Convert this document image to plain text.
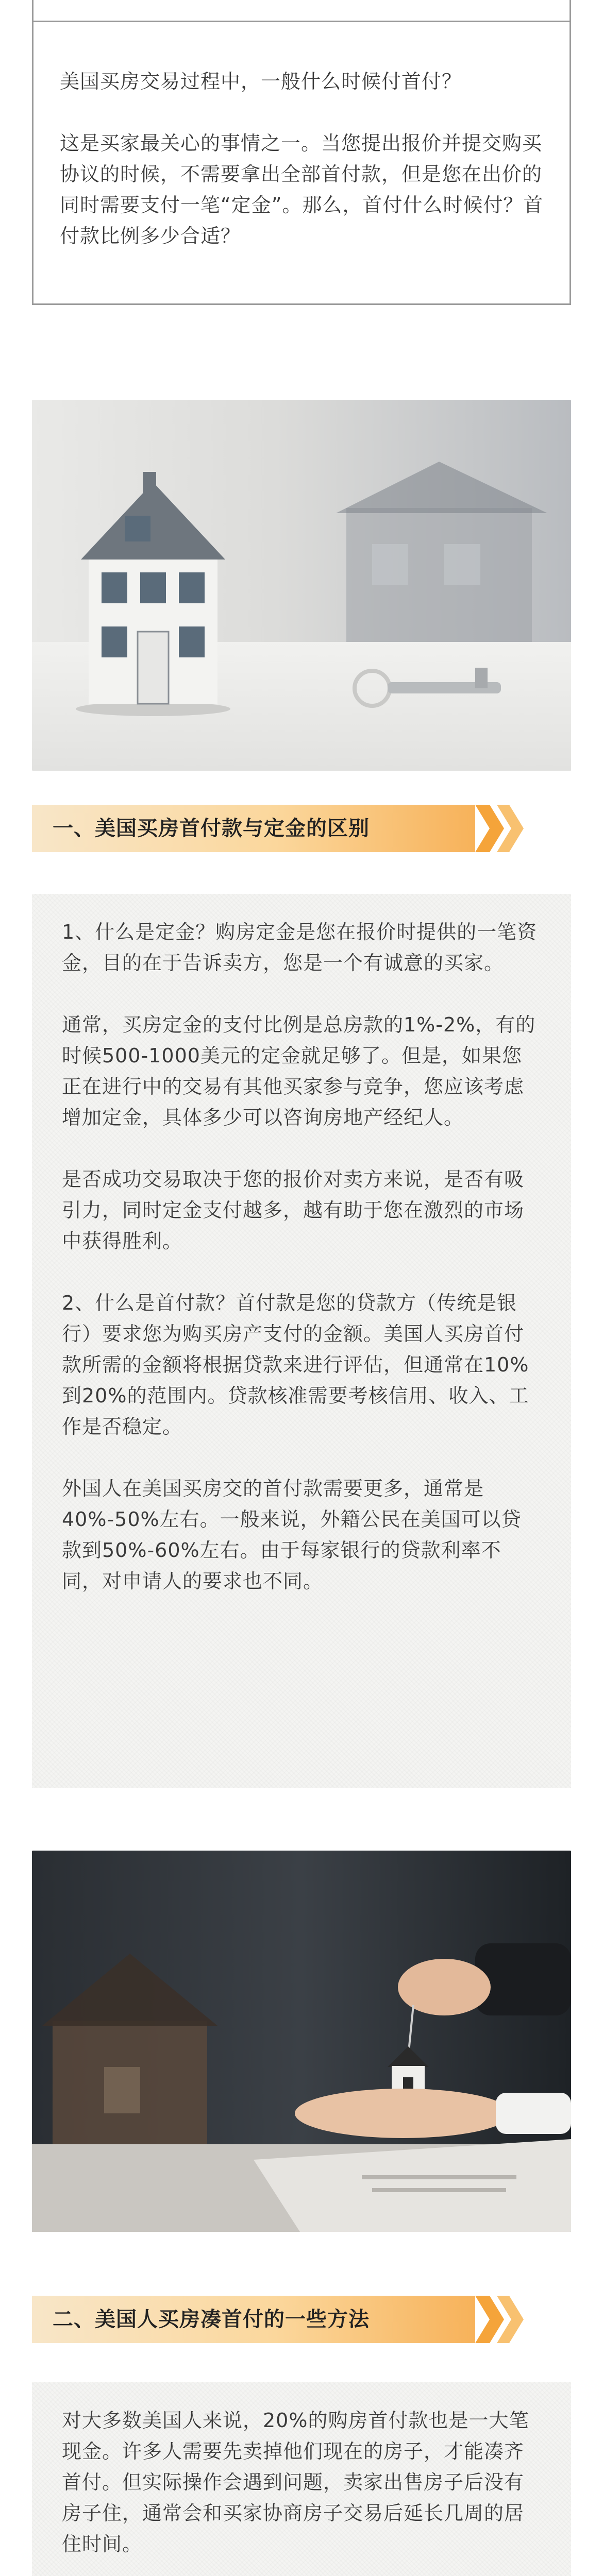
美国买房交易过程中，一般什么时候付首付？

这是买家最关心的事情之一。当您提出报价并提交购买协议的时候，不需要拿出全部首付款，但是您在出价的同时需要支付一笔“定金”。那么，首付什么时候付？首付款比例多少合适？

一、美国买房首付款与定金的区别

1、什么是定金？购房定金是您在报价时提供的一笔资金，目的在于告诉卖方，您是一个有诚意的买家。

通常，买房定金的支付比例是总房款的1%-2%，有的时候500-1000美元的定金就足够了。但是，如果您正在进行中的交易有其他买家参与竞争，您应该考虑增加定金，具体多少可以咨询房地产经纪人。

是否成功交易取决于您的报价对卖方来说，是否有吸引力，同时定金支付越多，越有助于您在激烈的市场中获得胜利。

2、什么是首付款？首付款是您的贷款方（传统是银行）要求您为购买房产支付的金额。美国人买房首付款所需的金额将根据贷款来进行评估，但通常在10%到20%的范围内。贷款核准需要考核信用、收入、工作是否稳定。

外国人在美国买房交的首付款需要更多，通常是40%-50%左右。一般来说，外籍公民在美国可以贷款到50%-60%左右。由于每家银行的贷款利率不同，对申请人的要求也不同。

二、美国人买房凑首付的一些方法

对大多数美国人来说，20%的购房首付款也是一大笔现金。许多人需要先卖掉他们现在的房子，才能凑齐首付。但实际操作会遇到问题，卖家出售房子后没有房子住，通常会和买家协商房子交易后延长几周的居住时间。
